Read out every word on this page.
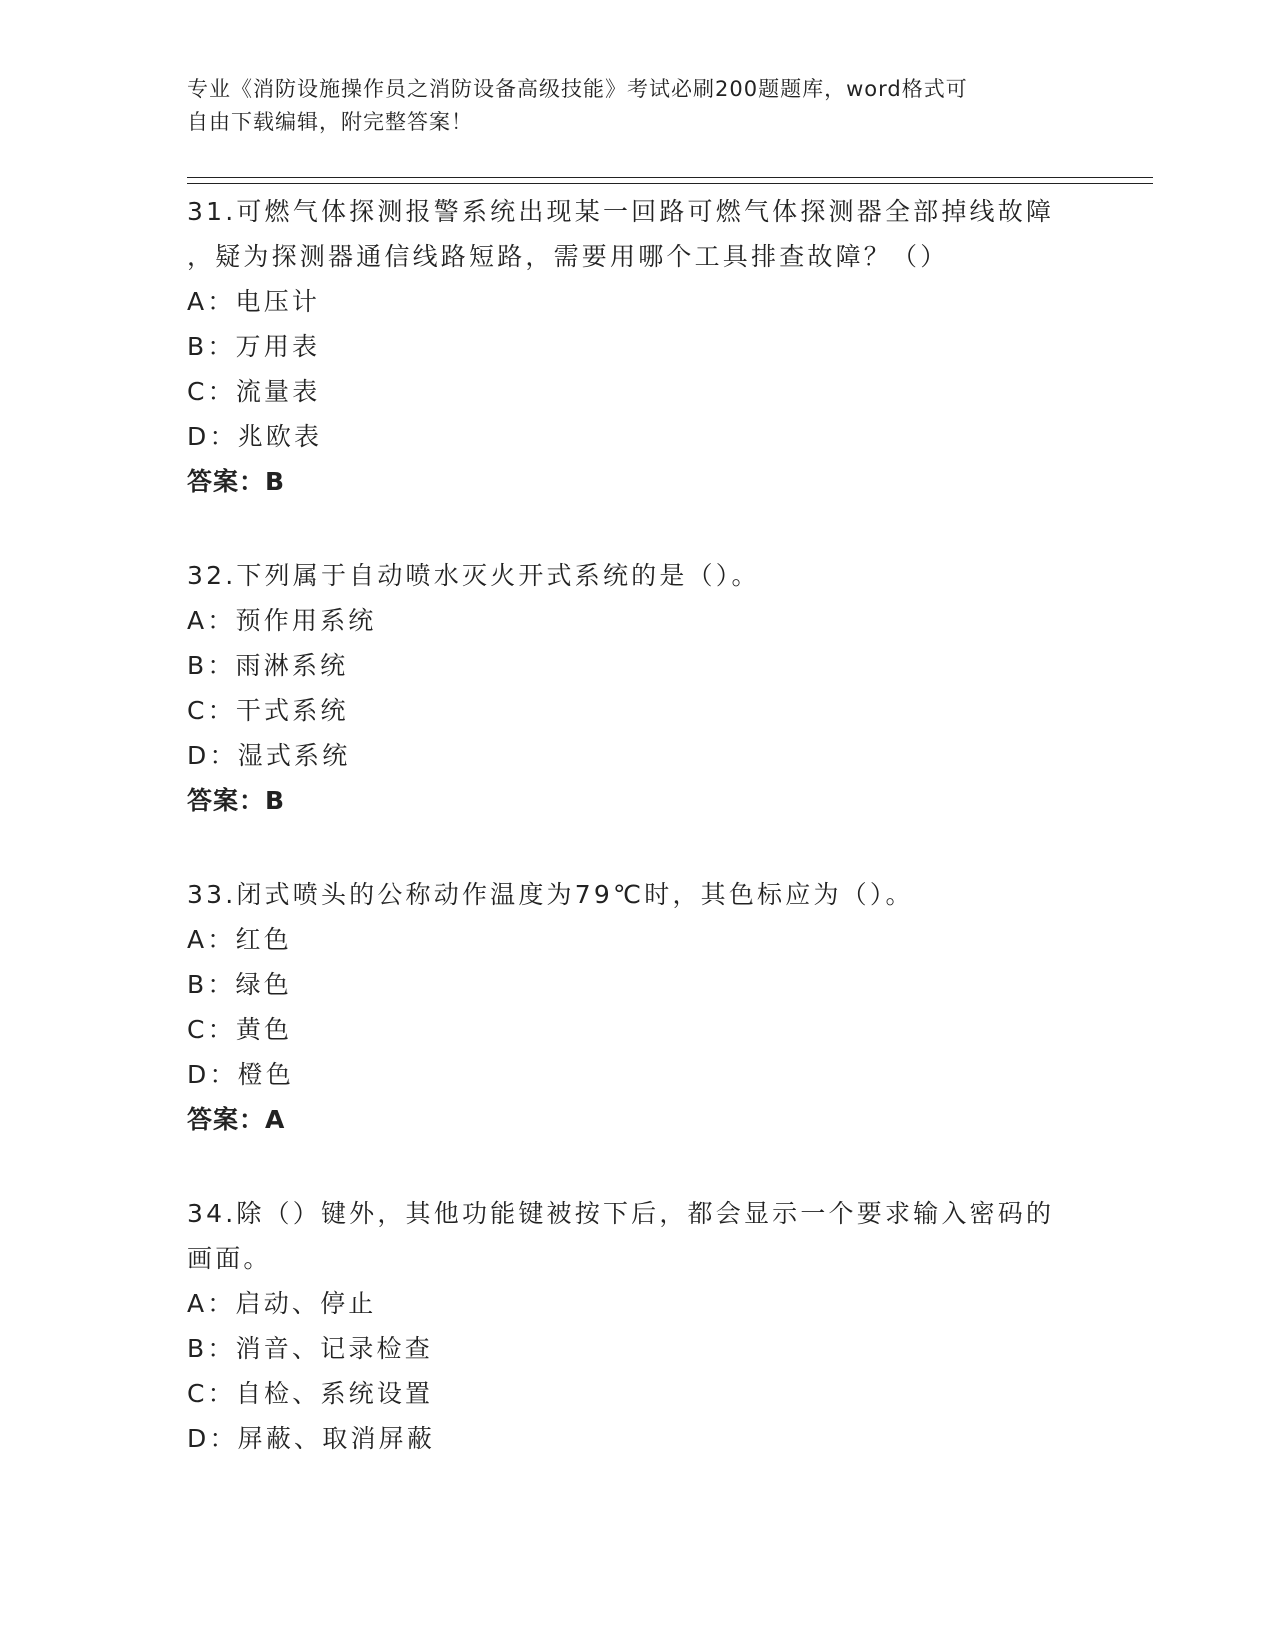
专业《消防设施操作员之消防设备高级技能》考试必刷200题题库，word格式可
自由下载编辑，附完整答案！
31.可燃气体探测报警系统出现某一回路可燃气体探测器全部掉线故障
，疑为探测器通信线路短路，需要用哪个工具排查故障？（）
A：电压计
B：万用表
C：流量表
D：兆欧表
答案：B
32.下列属于自动喷水灭火开式系统的是（）。
A：预作用系统
B：雨淋系统
C：干式系统
D：湿式系统
答案：B
33.闭式喷头的公称动作温度为79℃时，其色标应为（）。
A：红色
B：绿色
C：黄色
D：橙色
答案：A
34.除（）键外，其他功能键被按下后，都会显示一个要求输入密码的
画面。
A：启动、停止
B：消音、记录检查
C：自检、系统设置
D：屏蔽、取消屏蔽
